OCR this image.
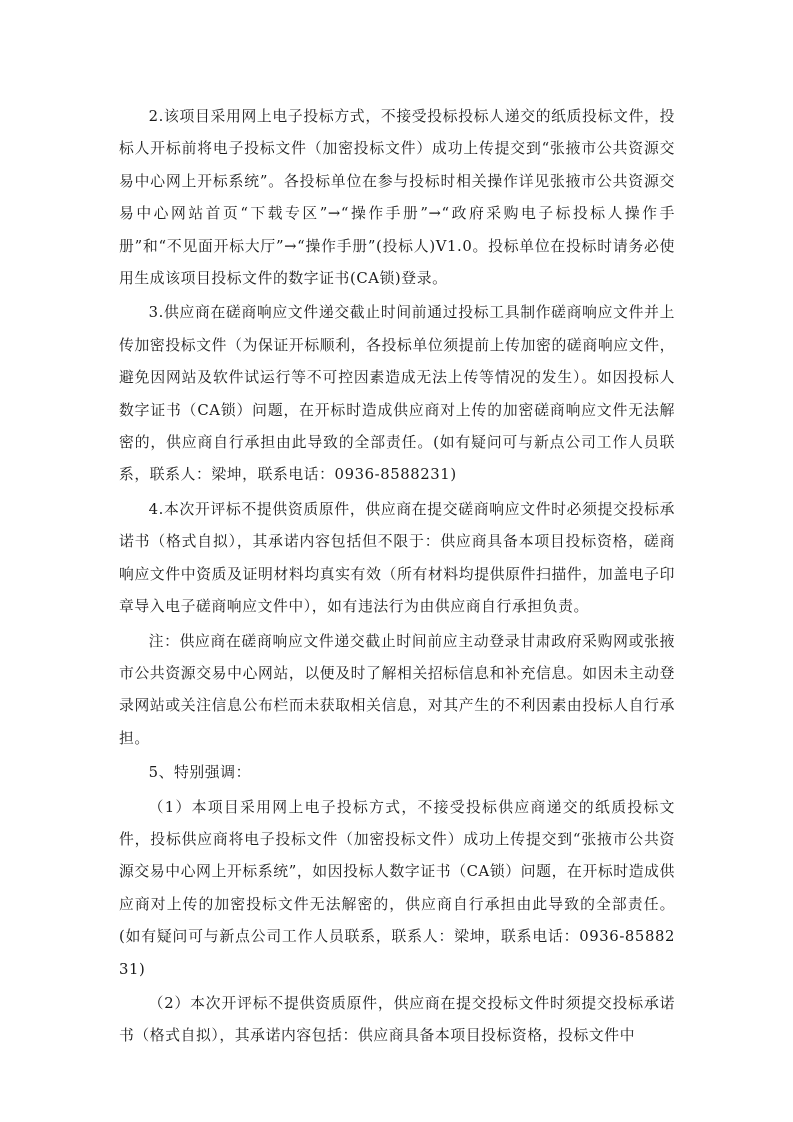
2.该项目采用网上电子投标方式，不接受投标投标人递交的纸质投标文件，投标人开标前将电子投标文件（加密投标文件）成功上传提交到“张掖市公共资源交易中心网上开标系统”。各投标单位在参与投标时相关操作详见张掖市公共资源交易中心网站首页“下载专区”→“操作手册”→“政府采购电子标投标人操作手册”和“不见面开标大厅”→“操作手册”(投标人)V1.0。投标单位在投标时请务必使用生成该项目投标文件的数字证书(CA锁)登录。

3.供应商在磋商响应文件递交截止时间前通过投标工具制作磋商响应文件并上传加密投标文件（为保证开标顺利，各投标单位须提前上传加密的磋商响应文件，避免因网站及软件试运行等不可控因素造成无法上传等情况的发生）。如因投标人数字证书（CA锁）问题，在开标时造成供应商对上传的加密磋商响应文件无法解密的，供应商自行承担由此导致的全部责任。(如有疑问可与新点公司工作人员联系，联系人：梁坤，联系电话：0936-8588231)

4.本次开评标不提供资质原件，供应商在提交磋商响应文件时必须提交投标承诺书（格式自拟），其承诺内容包括但不限于：供应商具备本项目投标资格，磋商响应文件中资质及证明材料均真实有效（所有材料均提供原件扫描件，加盖电子印章导入电子磋商响应文件中），如有违法行为由供应商自行承担负责。

注：供应商在磋商响应文件递交截止时间前应主动登录甘肃政府采购网或张掖市公共资源交易中心网站，以便及时了解相关招标信息和补充信息。如因未主动登录网站或关注信息公布栏而未获取相关信息，对其产生的不利因素由投标人自行承担。

5、特别强调：

（1）本项目采用网上电子投标方式，不接受投标供应商递交的纸质投标文件，投标供应商将电子投标文件（加密投标文件）成功上传提交到“张掖市公共资源交易中心网上开标系统”，如因投标人数字证书（CA锁）问题，在开标时造成供应商对上传的加密投标文件无法解密的，供应商自行承担由此导致的全部责任。(如有疑问可与新点公司工作人员联系，联系人：梁坤，联系电话：0936-8588231)

（2）本次开评标不提供资质原件，供应商在提交投标文件时须提交投标承诺书（格式自拟），其承诺内容包括：供应商具备本项目投标资格，投标文件中
